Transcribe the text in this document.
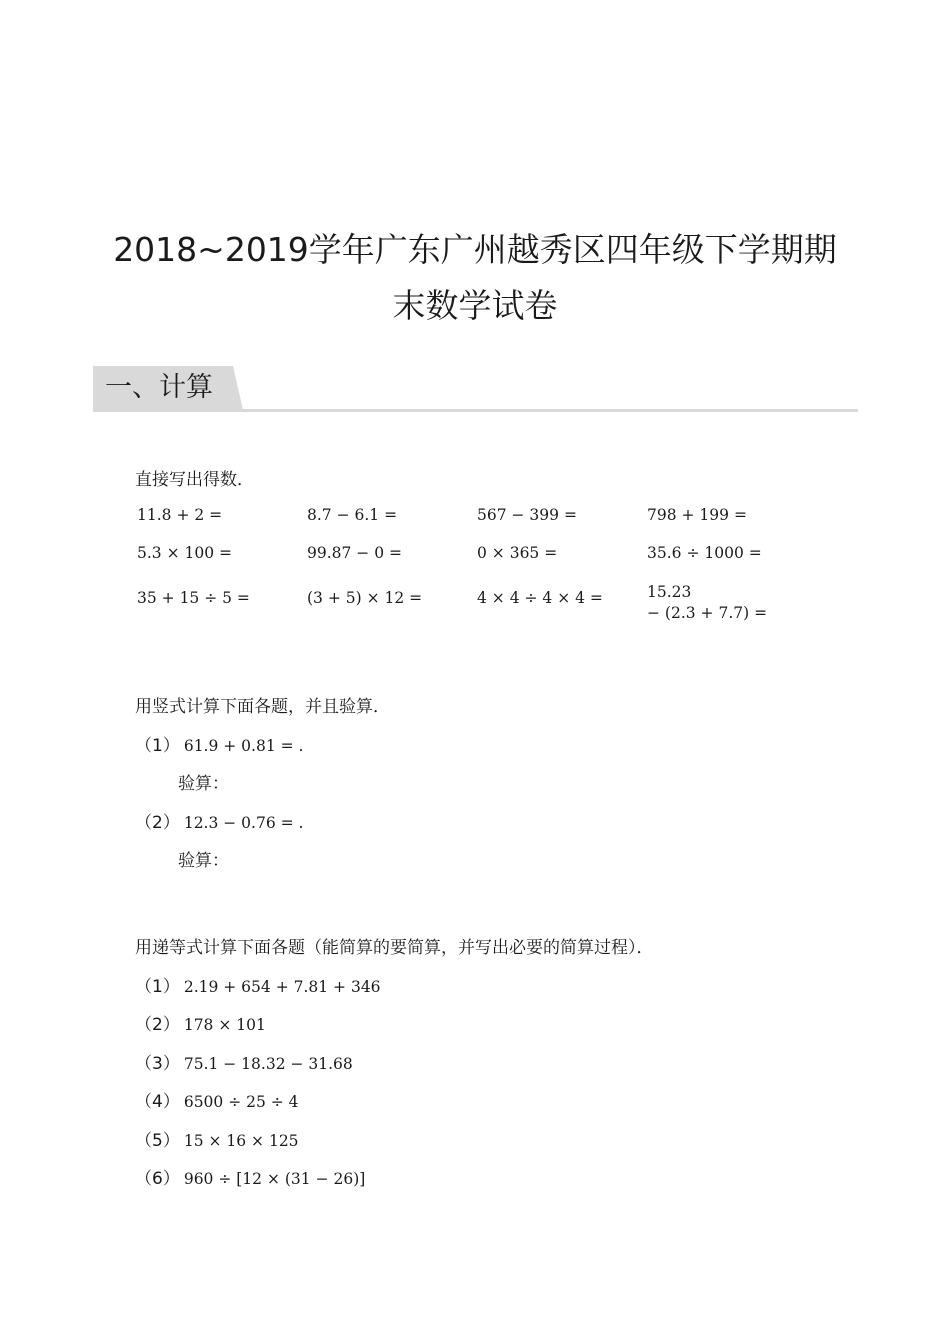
2018~2019学年广东广州越秀区四年级下学期期
末数学试卷
一、计算
直接写出得数．
11.8 + 2 =	8.7 − 6.1 =	567 − 399 =	798 + 199 =
5.3 × 100 =	99.87 − 0 =	0 × 365 =	35.6 ÷ 1000 =
35 + 15 ÷ 5 =	(3 + 5) × 12 =	4 × 4 ÷ 4 × 4 =	15.23
− (2.3 + 7.7) =
用竖式计算下面各题，并且验算．
（1） 61.9 + 0.81 = .
验算：
（2） 12.3 − 0.76 = .
验算：
用递等式计算下面各题（能简算的要简算，并写出必要的简算过程）．
（1） 2.19 + 654 + 7.81 + 346
（2） 178 × 101
（3） 75.1 − 18.32 − 31.68
（4） 6500 ÷ 25 ÷ 4
（5） 15 × 16 × 125
（6） 960 ÷ [12 × (31 − 26)]
